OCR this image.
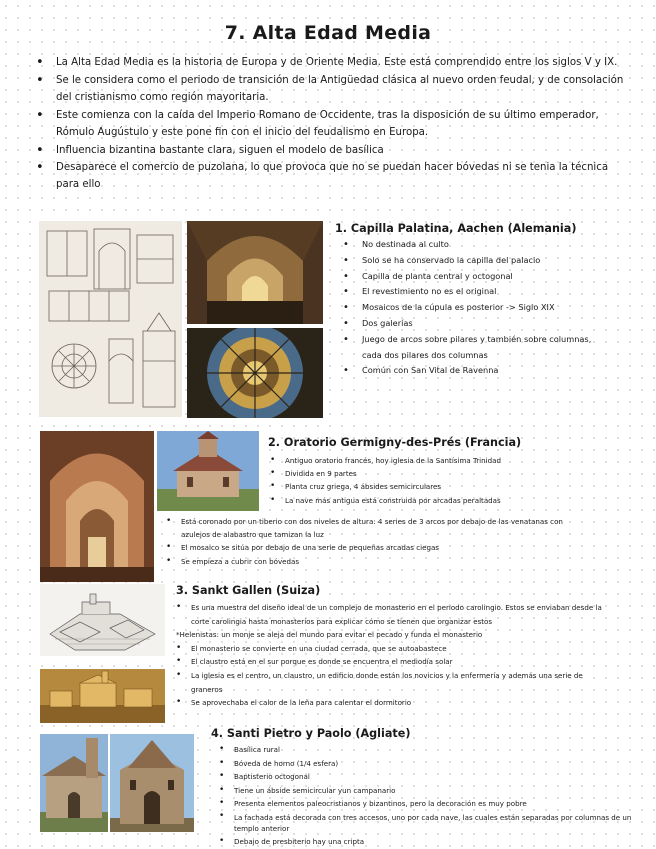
7. Alta Edad Media
• La Alta Edad Media es la historia de Europa y de Oriente Media. Este está comprendido entre los siglos V y IX.
• Se le considera como el periodo de transición de la Antigüedad clásica al nuevo orden feudal, y de consolación del cristianismo como región mayoritaria.
• Este comienza con la caída del Imperio Romano de Occidente, tras la disposición de su último emperador, Rómulo Augústulo y este pone fin con el inicio del feudalismo en Europa.
• Influencia bizantina bastante clara, siguen el modelo de basílica
• Desaparece el comercio de puzolana, lo que provoca que no se puedan hacer bóvedas ni se tenia la técnica para ello
1. Capilla Palatina, Aachen (Alemania)
• No destinada al culto
• Solo se ha conservado la capilla del palacio
• Capilla de planta central y octogonal
• El revestimiento no es el original
• Mosaicos de la cúpula es posterior -> Siglo XIX
• Dos galerías
• Juego de arcos sobre pilares y también sobre columnas, cada dos pilares dos columnas
• Común con San Vital de Ravenna
2. Oratorio Germigny-des-Prés (Francia)
• Antiguo oratorio francés, hoy iglesia de la Santísima Trinidad
• Dividida en 9 partes
• Planta cruz griega, 4 ábsides semicirculares
• La nave más antigua está construida por arcadas peraltadas
• Está coronado por un tiberio con dos niveles de altura: 4 series de 3 arcos por debajo de las venatanas con azulejos de alabastro que tamizan la luz
• El mosaico se sitúa por debajo de una serie de pequeñas arcadas ciegas
• Se empieza a cubrir con bóvedas
3. Sankt Gallen (Suiza)
• Es una muestra del diseño ideal de un complejo de monasterio en el periodo carolingio. Estos se enviaban desde la corte carolingia hasta monasterios para explicar cómo se tienen que organizar estos
*Helenistas: un monje se aleja del mundo para evitar el pecado y funda el monasterio
• El monasterio se convierte en una ciudad cerrada, que se autoabastece
• El claustro está en el sur porque es donde se encuentra el mediodía solar
• La iglesia es el centro, un claustro, un edificio donde están los novicios y la enfermería y además una serie de graneros
• Se aprovechaba el calor de la leña para calentar el dormitorio
4. Santi Pietro y Paolo (Agliate)
• Basílica rural
• Bóveda de horno (1/4 esfera)
• Baptisterio octogonal
• Tiene un ábside semicircular yun campanario
• Presenta elementos paleocristianos y bizantinos, pero la decoración es muy pobre
• La fachada está decorada con tres accesos, uno por cada nave, las cuales están separadas por columnas de un templo anterior
• Debajo de presbiterio hay una cripta
